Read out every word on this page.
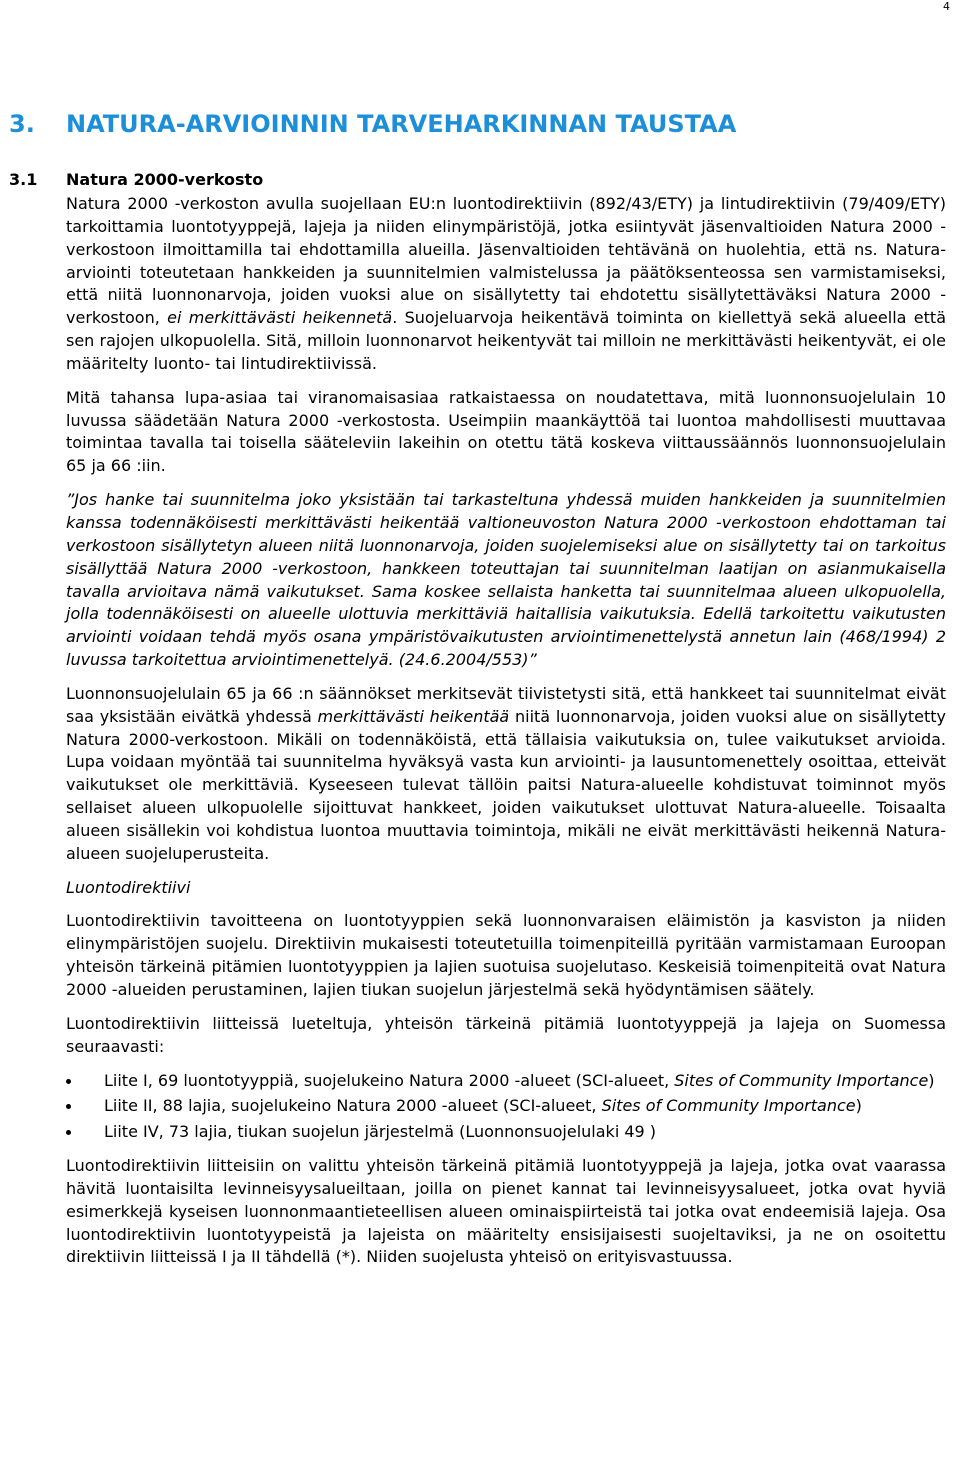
4
3. NATURA-ARVIOINNIN TARVEHARKINNAN TAUSTAA
3.1 Natura 2000-verkosto

Natura 2000 -verkoston avulla suojellaan EU:n luontodirektiivin (892/43/ETY) ja lintudirektiivin (79/409/ETY) tarkoittamia luontotyyppejä, lajeja ja niiden elinympäristöjä, jotka esiintyvät jäsenvaltioiden Natura 2000 -verkostoon ilmoittamilla tai ehdottamilla alueilla. Jäsenvaltioiden tehtävänä on huolehtia, että ns. Natura-arviointi toteutetaan hankkeiden ja suunnitelmien valmistelussa ja päätöksenteossa sen varmistamiseksi, että niitä luonnonarvoja, joiden vuoksi alue on sisällytetty tai ehdotettu sisällytettäväksi Natura 2000 -verkostoon, ei merkittävästi heikennetä. Suojeluarvoja heikentävä toiminta on kiellettyä sekä alueella että sen rajojen ulkopuolella. Sitä, milloin luonnonarvot heikentyvät tai milloin ne merkittävästi heikentyvät, ei ole määritelty luonto- tai lintudirektiivissä.

Mitä tahansa lupa-asiaa tai viranomaisasiaa ratkaistaessa on noudatettava, mitä luonnonsuojelulain 10 luvussa säädetään Natura 2000 -verkostosta. Useimpiin maankäyttöä tai luontoa mahdollisesti muuttavaa toimintaa tavalla tai toisella sääteleviin lakeihin on otettu tätä koskeva viittaussäännös luonnonsuojelulain 65 ja 66 :iin.

”Jos hanke tai suunnitelma joko yksistään tai tarkasteltuna yhdessä muiden hankkeiden ja suunnitelmien kanssa todennäköisesti merkittävästi heikentää valtioneuvoston Natura 2000 -verkostoon ehdottaman tai verkostoon sisällytetyn alueen niitä luonnonarvoja, joiden suojelemiseksi alue on sisällytetty tai on tarkoitus sisällyttää Natura 2000 -verkostoon, hankkeen toteuttajan tai suunnitelman laatijan on asianmukaisella tavalla arvioitava nämä vaikutukset. Sama koskee sellaista hanketta tai suunnitelmaa alueen ulkopuolella, jolla todennäköisesti on alueelle ulottuvia merkittäviä haitallisia vaikutuksia. Edellä tarkoitettu vaikutusten arviointi voidaan tehdä myös osana ympäristövaikutusten arviointimenettelystä annetun lain (468/1994) 2 luvussa tarkoitettua arviointimenettelyä. (24.6.2004/553)”

Luonnonsuojelulain 65 ja 66 :n säännökset merkitsevät tiivistetysti sitä, että hankkeet tai suunnitelmat eivät saa yksistään eivätkä yhdessä merkittävästi heikentää niitä luonnonarvoja, joiden vuoksi alue on sisällytetty Natura 2000-verkostoon. Mikäli on todennäköistä, että tällaisia vaikutuksia on, tulee vaikutukset arvioida. Lupa voidaan myöntää tai suunnitelma hyväksyä vasta kun arviointi- ja lausuntomenettely osoittaa, etteivät vaikutukset ole merkittäviä. Kyseeseen tulevat tällöin paitsi Natura-alueelle kohdistuvat toiminnot myös sellaiset alueen ulkopuolelle sijoittuvat hankkeet, joiden vaikutukset ulottuvat Natura-alueelle. Toisaalta alueen sisällekin voi kohdistua luontoa muuttavia toimintoja, mikäli ne eivät merkittävästi heikennä Natura-alueen suojeluperusteita.

Luontodirektiivi

Luontodirektiivin tavoitteena on luontotyyppien sekä luonnonvaraisen eläimistön ja kasviston ja niiden elinympäristöjen suojelu. Direktiivin mukaisesti toteutetuilla toimenpiteillä pyritään varmistamaan Euroopan yhteisön tärkeinä pitämien luontotyyppien ja lajien suotuisa suojelutaso. Keskeisiä toimenpiteitä ovat Natura 2000 -alueiden perustaminen, lajien tiukan suojelun järjestelmä sekä hyödyntämisen säätely.

Luontodirektiivin liitteissä lueteltuja, yhteisön tärkeinä pitämiä luontotyyppejä ja lajeja on Suomessa seuraavasti:

Liite I, 69 luontotyyppiä, suojelukeino Natura 2000 -alueet (SCI-alueet, Sites of Community Importance)
Liite II, 88 lajia, suojelukeino Natura 2000 -alueet (SCI-alueet, Sites of Community Importance)
Liite IV, 73 lajia, tiukan suojelun järjestelmä (Luonnonsuojelulaki 49 )

Luontodirektiivin liitteisiin on valittu yhteisön tärkeinä pitämiä luontotyyppejä ja lajeja, jotka ovat vaarassa hävitä luontaisilta levinneisyysalueiltaan, joilla on pienet kannat tai levinneisyysalueet, jotka ovat hyviä esimerkkejä kyseisen luonnonmaantieteellisen alueen ominaispiirteistä tai jotka ovat endeemisiä lajeja. Osa luontodirektiivin luontotyypeistä ja lajeista on määritelty ensisijaisesti suojeltaviksi, ja ne on osoitettu direktiivin liitteissä I ja II tähdellä (*). Niiden suojelusta yhteisö on erityisvastuussa.
